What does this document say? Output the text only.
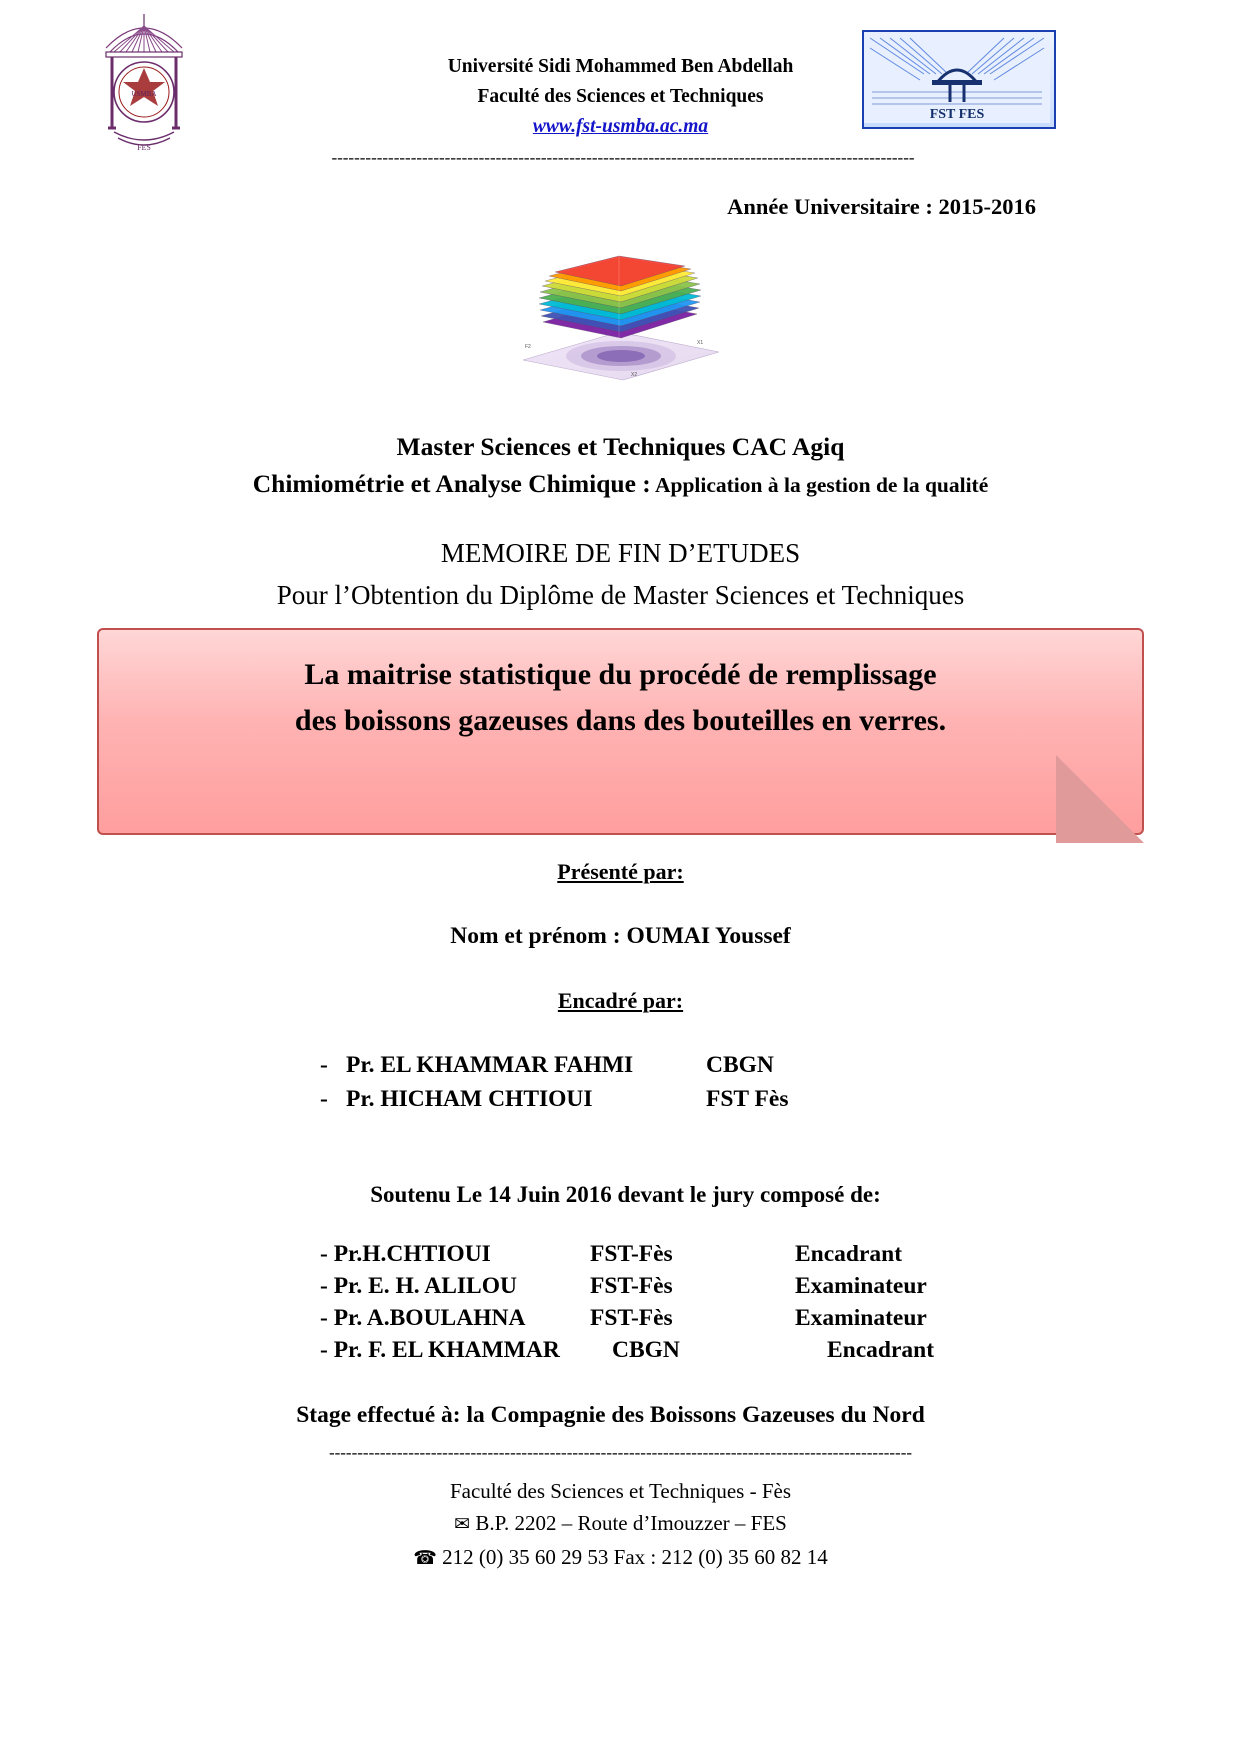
USMBA
FES
FST FES
Université Sidi Mohammed Ben Abdellah
Faculté des Sciences et Techniques
www.fst-usmba.ac.ma
-------------------------------------------------------------------------------------------------------
Année Universitaire : 2015-2016
F2
X1
X2
Master Sciences et Techniques CAC Agiq
Chimiométrie et Analyse Chimique : Application à la gestion de la qualité
MEMOIRE DE FIN D’ETUDES
Pour l’Obtention du Diplôme de Master Sciences et Techniques
La maitrise statistique du procédé de remplissage
des boissons gazeuses dans des bouteilles en verres.
Présenté par:
Nom et prénom : OUMAI Youssef
Encadré par:
- Pr. EL KHAMMAR FAHMI	CBGN
- Pr. HICHAM CHTIOUI	FST Fès
Soutenu Le 14 Juin 2016 devant le jury composé de:
- Pr.H.CHTIOUI	FST-Fès	Encadrant
- Pr. E. H. ALILOU	FST-Fès	Examinateur
- Pr. A.BOULAHNA	FST-Fès	Examinateur
- Pr. F. EL KHAMMAR	CBGN	Encadrant
Stage effectué à: la Compagnie des Boissons Gazeuses du Nord
-------------------------------------------------------------------------------------------------------
Faculté des Sciences et Techniques - Fès
✉ B.P. 2202 – Route d’Imouzzer – FES
☎ 212 (0) 35 60 29 53 Fax : 212 (0) 35 60 82 14
